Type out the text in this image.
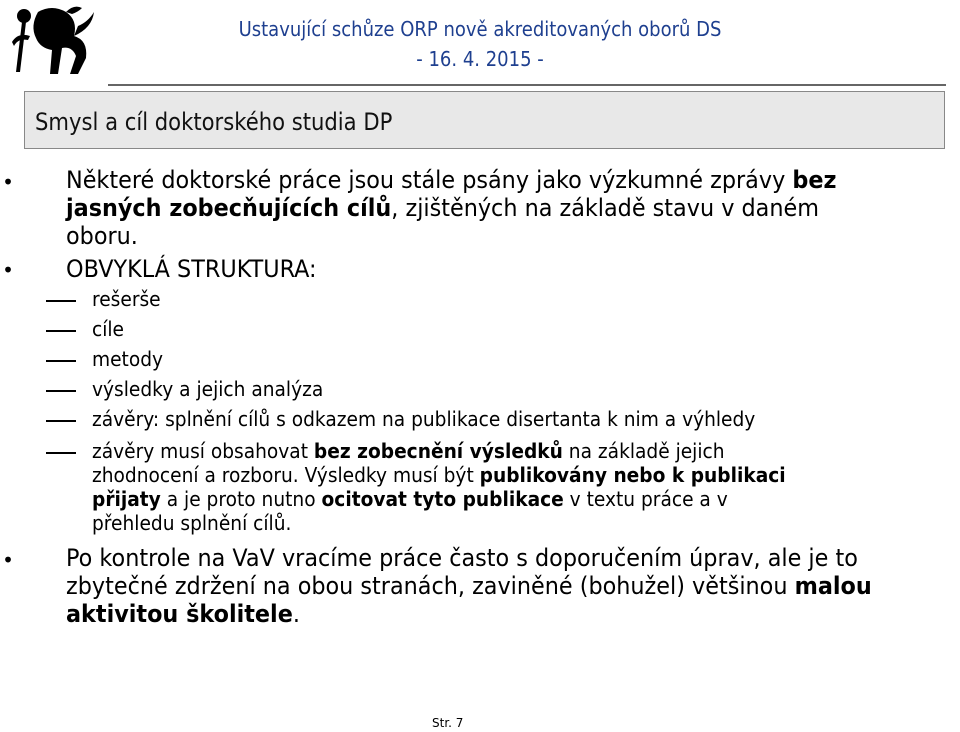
Ustavující schůze ORP nově akreditovaných oborů DS
- 16. 4. 2015 -
Smysl a cíl doktorského studia DP
• Některé doktorské práce jsou stále psány jako výzkumné zprávy bez
jasných zobecňujících cílů, zjištěných na základě stavu v daném
oboru.
• OBVYKLÁ STRUKTURA:
rešerše
cíle
metody
výsledky a jejich analýza
závěry: splnění cílů s odkazem na publikace disertanta k nim a výhledy
závěry musí obsahovat bez zobecnění výsledků na základě jejich
zhodnocení a rozboru. Výsledky musí být publikovány nebo k publikaci
přijaty a je proto nutno ocitovat tyto publikace v textu práce a v
přehledu splnění cílů.
• Po kontrole na VaV vracíme práce často s doporučením úprav, ale je to
zbytečné zdržení na obou stranách, zaviněné (bohužel) většinou malou
aktivitou školitele.
Str. 7
